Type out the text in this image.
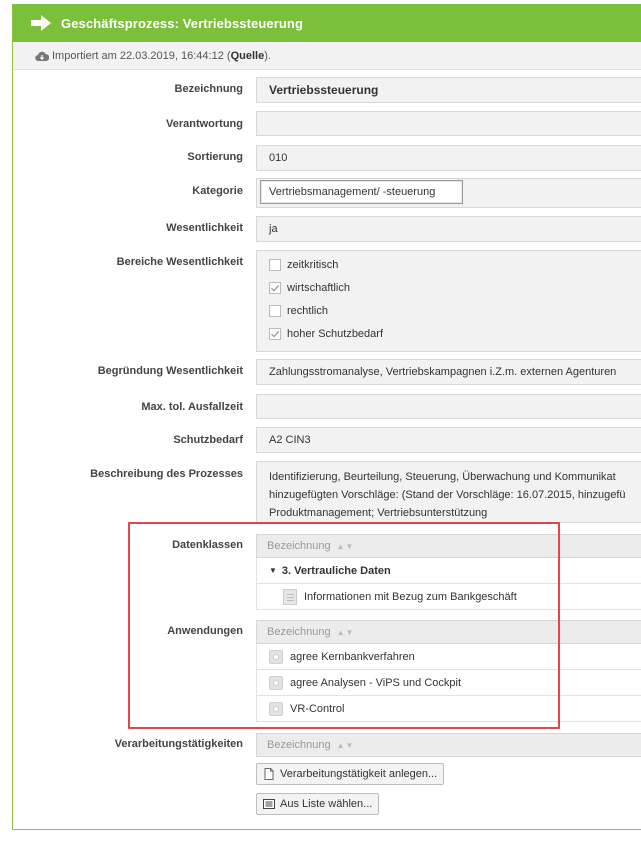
Geschäftsprozess: Vertriebssteuerung
Importiert am 22.03.2019, 16:44:12 ( Quelle ).
Bezeichnung	Vertriebssteuerung
Verantwortung
Sortierung	010
Kategorie	Vertriebsmanagement/ -steuerung
Wesentlichkeit	ja
Bereiche Wesentlichkeit	zeitkritisch
wirtschaftlich
rechtlich
hoher Schutzbedarf
Begründung Wesentlichkeit	Zahlungsstromanalyse, Vertriebskampagnen i.Z.m. externen Agenturen
Max. tol. Ausfallzeit
Schutzbedarf	A2 CIN3
Beschreibung des Prozesses Identifizierung, Beurteilung, Steuerung, Überwachung und Kommunikat
hinzugefügten Vorschläge: (Stand der Vorschläge: 16.07.2015, hinzugefü
Produktmanagement; Vertriebsunterstützung
Datenklassen Bezeichnung ▲▼
▼ 3. Vertrauliche Daten
Informationen mit Bezug zum Bankgeschäft
Anwendungen Bezeichnung ▲▼
agree Kernbankverfahren
agree Analysen - ViPS und Cockpit
VR-Control
Verarbeitungstätigkeiten Bezeichnung ▲▼
Verarbeitungstätigkeit anlegen...
Aus Liste wählen...
